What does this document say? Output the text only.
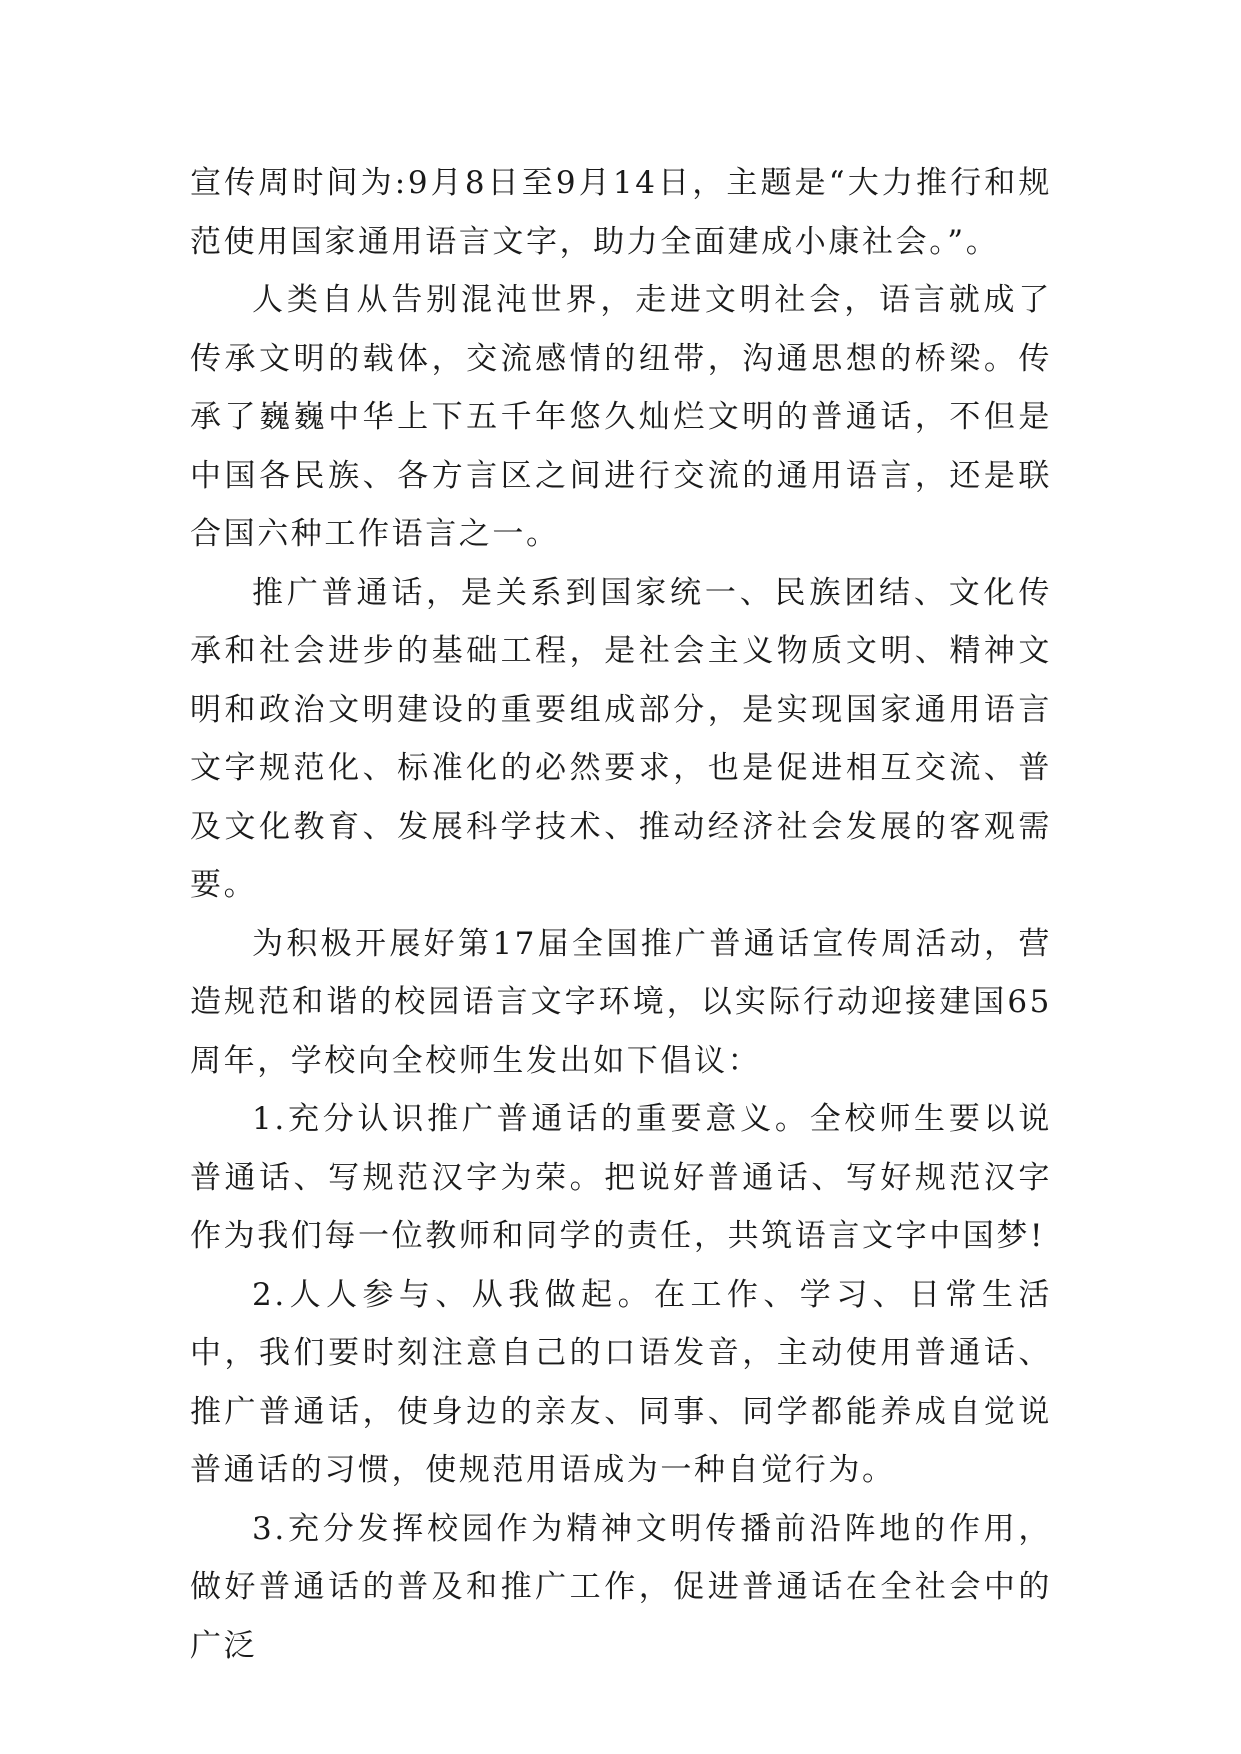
宣传周时间为:9月8日至9月14日，主题是“大力推行和规范使用国家通用语言文字，助力全面建成小康社会。”。

人类自从告别混沌世界，走进文明社会，语言就成了传承文明的载体，交流感情的纽带，沟通思想的桥梁。传承了巍巍中华上下五千年悠久灿烂文明的普通话，不但是中国各民族、各方言区之间进行交流的通用语言，还是联合国六种工作语言之一。

推广普通话，是关系到国家统一、民族团结、文化传承和社会进步的基础工程，是社会主义物质文明、精神文明和政治文明建设的重要组成部分，是实现国家通用语言文字规范化、标准化的必然要求，也是促进相互交流、普及文化教育、发展科学技术、推动经济社会发展的客观需要。

为积极开展好第17届全国推广普通话宣传周活动，营造规范和谐的校园语言文字环境，以实际行动迎接建国65周年，学校向全校师生发出如下倡议：

1.充分认识推广普通话的重要意义。全校师生要以说普通话、写规范汉字为荣。把说好普通话、写好规范汉字作为我们每一位教师和同学的责任，共筑语言文字中国梦!

2.人人参与、从我做起。在工作、学习、日常生活中，我们要时刻注意自己的口语发音，主动使用普通话、推广普通话，使身边的亲友、同事、同学都能养成自觉说普通话的习惯，使规范用语成为一种自觉行为。

3.充分发挥校园作为精神文明传播前沿阵地的作用，做好普通话的普及和推广工作，促进普通话在全社会中的广泛
